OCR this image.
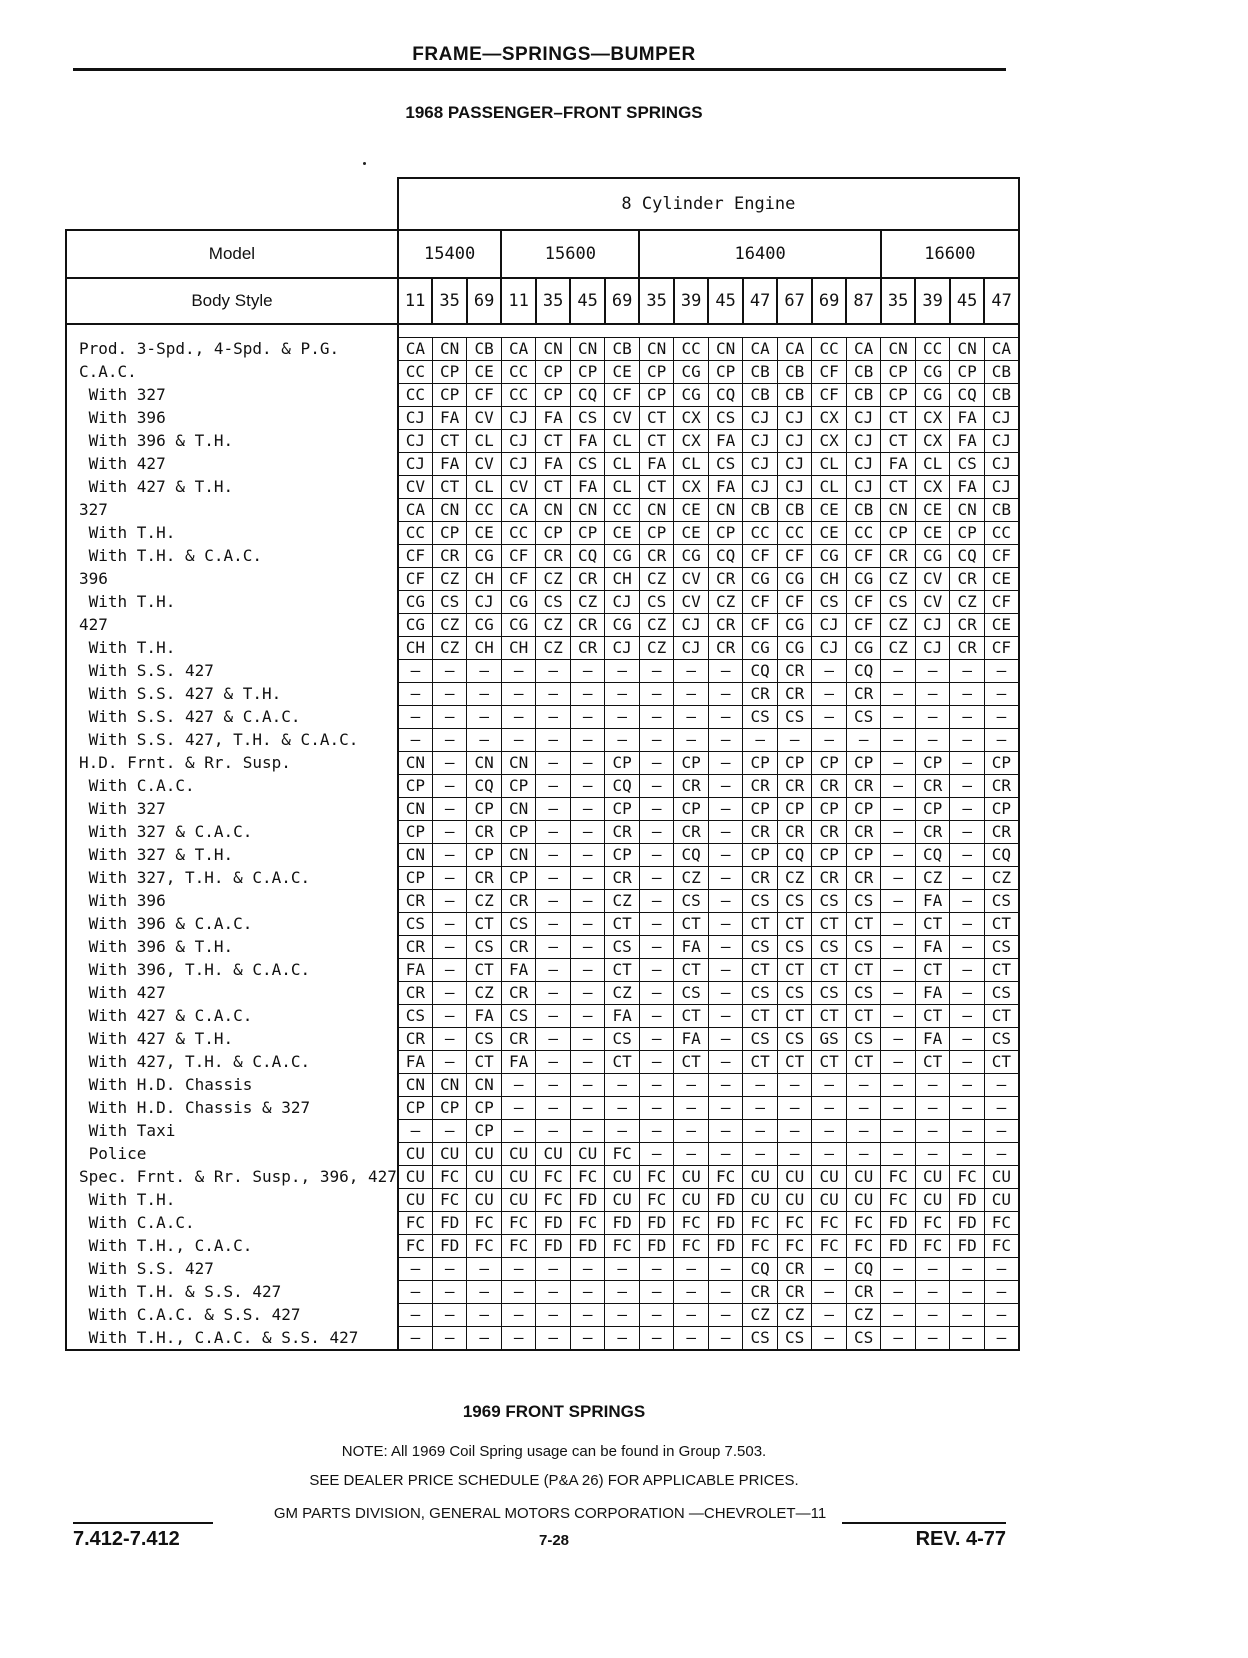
FRAME—SPRINGS—BUMPER
1968 PASSENGER–FRONT SPRINGS
	8 Cylinder Engine																	
Model	15400			15600				16400							16600			
Body Style	11	35	69	11	35	45	69	35	39	45	47	67	69	87	35	39	45	47

Prod. 3-Spd., 4-Spd. & P.G.	CA	CN	CB	CA	CN	CN	CB	CN	CC	CN	CA	CA	CC	CA	CN	CC	CN	CA
C.A.C.	CC	CP	CE	CC	CP	CP	CE	CP	CG	CP	CB	CB	CF	CB	CP	CG	CP	CB
With 327	CC	CP	CF	CC	CP	CQ	CF	CP	CG	CQ	CB	CB	CF	CB	CP	CG	CQ	CB
With 396	CJ	FA	CV	CJ	FA	CS	CV	CT	CX	CS	CJ	CJ	CX	CJ	CT	CX	FA	CJ
With 396 & T.H.	CJ	CT	CL	CJ	CT	FA	CL	CT	CX	FA	CJ	CJ	CX	CJ	CT	CX	FA	CJ
With 427	CJ	FA	CV	CJ	FA	CS	CL	FA	CL	CS	CJ	CJ	CL	CJ	FA	CL	CS	CJ
With 427 & T.H.	CV	CT	CL	CV	CT	FA	CL	CT	CX	FA	CJ	CJ	CL	CJ	CT	CX	FA	CJ
327	CA	CN	CC	CA	CN	CN	CC	CN	CE	CN	CB	CB	CE	CB	CN	CE	CN	CB
With T.H.	CC	CP	CE	CC	CP	CP	CE	CP	CE	CP	CC	CC	CE	CC	CP	CE	CP	CC
With T.H. & C.A.C.	CF	CR	CG	CF	CR	CQ	CG	CR	CG	CQ	CF	CF	CG	CF	CR	CG	CQ	CF
396	CF	CZ	CH	CF	CZ	CR	CH	CZ	CV	CR	CG	CG	CH	CG	CZ	CV	CR	CE
With T.H.	CG	CS	CJ	CG	CS	CZ	CJ	CS	CV	CZ	CF	CF	CS	CF	CS	CV	CZ	CF
427	CG	CZ	CG	CG	CZ	CR	CG	CZ	CJ	CR	CF	CG	CJ	CF	CZ	CJ	CR	CE
With T.H.	CH	CZ	CH	CH	CZ	CR	CJ	CZ	CJ	CR	CG	CG	CJ	CG	CZ	CJ	CR	CF
With S.S. 427	–	–	–	–	–	–	–	–	–	–	CQ	CR	–	CQ	–	–	–	–
With S.S. 427 & T.H.	–	–	–	–	–	–	–	–	–	–	CR	CR	–	CR	–	–	–	–
With S.S. 427 & C.A.C.	–	–	–	–	–	–	–	–	–	–	CS	CS	–	CS	–	–	–	–
With S.S. 427, T.H. & C.A.C.	–	–	–	–	–	–	–	–	–	–	–	–	–	–	–	–	–	–
H.D. Frnt. & Rr. Susp.	CN	–	CN	CN	–	–	CP	–	CP	–	CP	CP	CP	CP	–	CP	–	CP
With C.A.C.	CP	–	CQ	CP	–	–	CQ	–	CR	–	CR	CR	CR	CR	–	CR	–	CR
With 327	CN	–	CP	CN	–	–	CP	–	CP	–	CP	CP	CP	CP	–	CP	–	CP
With 327 & C.A.C.	CP	–	CR	CP	–	–	CR	–	CR	–	CR	CR	CR	CR	–	CR	–	CR
With 327 & T.H.	CN	–	CP	CN	–	–	CP	–	CQ	–	CP	CQ	CP	CP	–	CQ	–	CQ
With 327, T.H. & C.A.C.	CP	–	CR	CP	–	–	CR	–	CZ	–	CR	CZ	CR	CR	–	CZ	–	CZ
With 396	CR	–	CZ	CR	–	–	CZ	–	CS	–	CS	CS	CS	CS	–	FA	–	CS
With 396 & C.A.C.	CS	–	CT	CS	–	–	CT	–	CT	–	CT	CT	CT	CT	–	CT	–	CT
With 396 & T.H.	CR	–	CS	CR	–	–	CS	–	FA	–	CS	CS	CS	CS	–	FA	–	CS
With 396, T.H. & C.A.C.	FA	–	CT	FA	–	–	CT	–	CT	–	CT	CT	CT	CT	–	CT	–	CT
With 427	CR	–	CZ	CR	–	–	CZ	–	CS	–	CS	CS	CS	CS	–	FA	–	CS
With 427 & C.A.C.	CS	–	FA	CS	–	–	FA	–	CT	–	CT	CT	CT	CT	–	CT	–	CT
With 427 & T.H.	CR	–	CS	CR	–	–	CS	–	FA	–	CS	CS	GS	CS	–	FA	–	CS
With 427, T.H. & C.A.C.	FA	–	CT	FA	–	–	CT	–	CT	–	CT	CT	CT	CT	–	CT	–	CT
With H.D. Chassis	CN	CN	CN	–	–	–	–	–	–	–	–	–	–	–	–	–	–	–
With H.D. Chassis & 327	CP	CP	CP	–	–	–	–	–	–	–	–	–	–	–	–	–	–	–
With Taxi	–	–	CP	–	–	–	–	–	–	–	–	–	–	–	–	–	–	–
Police	CU	CU	CU	CU	CU	CU	FC	–	–	–	–	–	–	–	–	–	–	–
Spec. Frnt. & Rr. Susp., 396, 427	CU	FC	CU	CU	FC	FC	CU	FC	CU	FC	CU	CU	CU	CU	FC	CU	FC	CU
With T.H.	CU	FC	CU	CU	FC	FD	CU	FC	CU	FD	CU	CU	CU	CU	FC	CU	FD	CU
With C.A.C.	FC	FD	FC	FC	FD	FC	FD	FD	FC	FD	FC	FC	FC	FC	FD	FC	FD	FC
With T.H., C.A.C.	FC	FD	FC	FC	FD	FD	FC	FD	FC	FD	FC	FC	FC	FC	FD	FC	FD	FC
With S.S. 427	–	–	–	–	–	–	–	–	–	–	CQ	CR	–	CQ	–	–	–	–
With T.H. & S.S. 427	–	–	–	–	–	–	–	–	–	–	CR	CR	–	CR	–	–	–	–
With C.A.C. & S.S. 427	–	–	–	–	–	–	–	–	–	–	CZ	CZ	–	CZ	–	–	–	–
With T.H., C.A.C. & S.S. 427	–	–	–	–	–	–	–	–	–	–	CS	CS	–	CS	–	–	–	–
1969 FRONT SPRINGS
NOTE: All 1969 Coil Spring usage can be found in Group 7.503.
SEE DEALER PRICE SCHEDULE (P&A 26) FOR APPLICABLE PRICES.
GM PARTS DIVISION, GENERAL MOTORS CORPORATION —CHEVROLET—11
7.412-7.412	7-28	REV. 4-77
